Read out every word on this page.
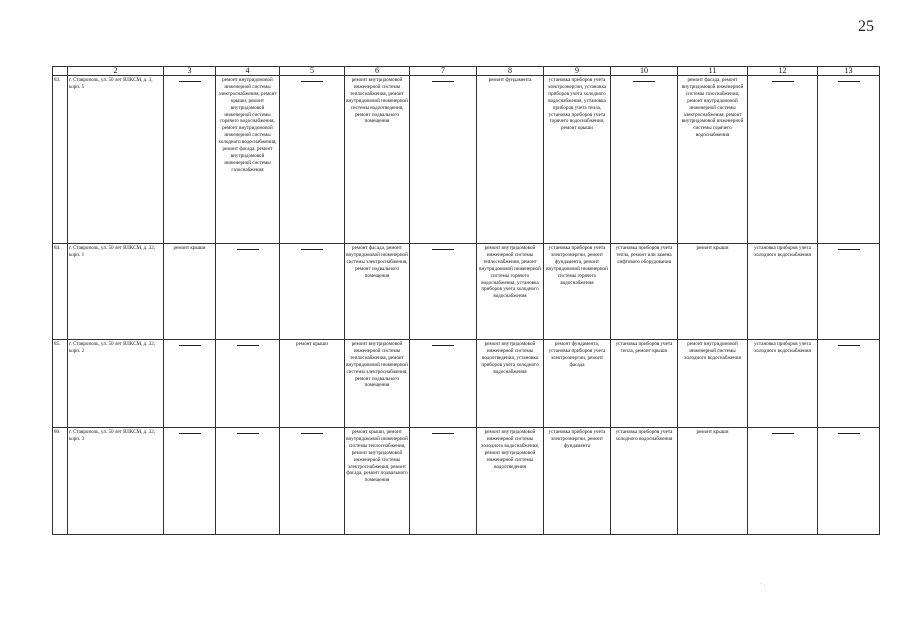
25
	2	3	4	5	6	7	8	9	10	11	12	13
83.	г. Ставрополь, ул. 50 лет ВЛКСМ, д. 3, корп. 5		ремонт внутридомовой инженерной системы электроснабжения, ремонт крыши, ремонт внутридомовой инженерной системы горячего водоснабжения, ремонт внутридомовой инженерной системы холодного водоснабжения, ремонт фасада, ремонт внутридомовой инженерной системы газоснабжения		ремонт внутридомовой инженерной системы теплоснабжения, ремонт внутридомовой инженерной системы водоотведения, ремонт подвального помещения		ремонт фундамента	установка приборов учета электроэнергии, установка приборов учета холодного водоснабжения, установка приборов учета тепла, установка приборов учета горячего водоснабжения, ремонт крыши		ремонт фасада, ремонт внутридомовой инженерной системы газоснабжения, ремонт внутридомовой инженерной системы электроснабжения, ремонт внутридомовой инженерной системы горячего водоснабжения	

84.	г. Ставрополь, ул. 50 лет ВЛКСМ, д. 32, корп. 1	ремонт крыши			ремонт фасада, ремонт внутридомовой инженерной системы электроснабжения, ремонт подвального помещения		ремонт внутридомовой инженерной системы теплоснабжения, ремонт внутридомовой инженерной системы горячего водоснабжения, установка приборов учета холодного водоснабжения	установка приборов учета электроэнергии, ремонт фундамента, ремонт внутридомовой инженерной системы горячего водоснабжения	установка приборов учета тепла, ремонт или замена лифтового оборудования	ремонт крыши	установка приборов учета холодного водоснабжения	

85.	г. Ставрополь, ул. 50 лет ВЛКСМ, д. 32, корп. 2			ремонт крыши	ремонт внутридомовой инженерной системы теплоснабжения, ремонт внутридомовой инженерной системы электроснабжения, ремонт подвального помещения		ремонт внутридомовой инженерной системы водоотведения, установка приборов учета холодного водоснабжения	ремонт фундамента, установка приборов учета электроэнергии, ремонт фасада	установка приборов учета тепла, ремонт крыши	ремонт внутридомовой инженерной системы холодного водоснабжения	установка приборов учета холодного водоснабжения	

86.	г. Ставрополь, ул. 50 лет ВЛКСМ, д. 32, корп. 3				ремонт крыши, ремонт внутридомовой инженерной системы теплоснабжения, ремонт внутридомовой инженерной системы электроснабжения, ремонт фасада, ремонт подвального помещения		ремонт внутридомовой инженерной системы холодного водоснабжения, ремонт внутридомовой инженерной системы водоотведения	установка приборов учета электроэнергии, ремонт фундамента	установка приборов учета холодного водоснабжения	ремонт крыши	

˙ ·
